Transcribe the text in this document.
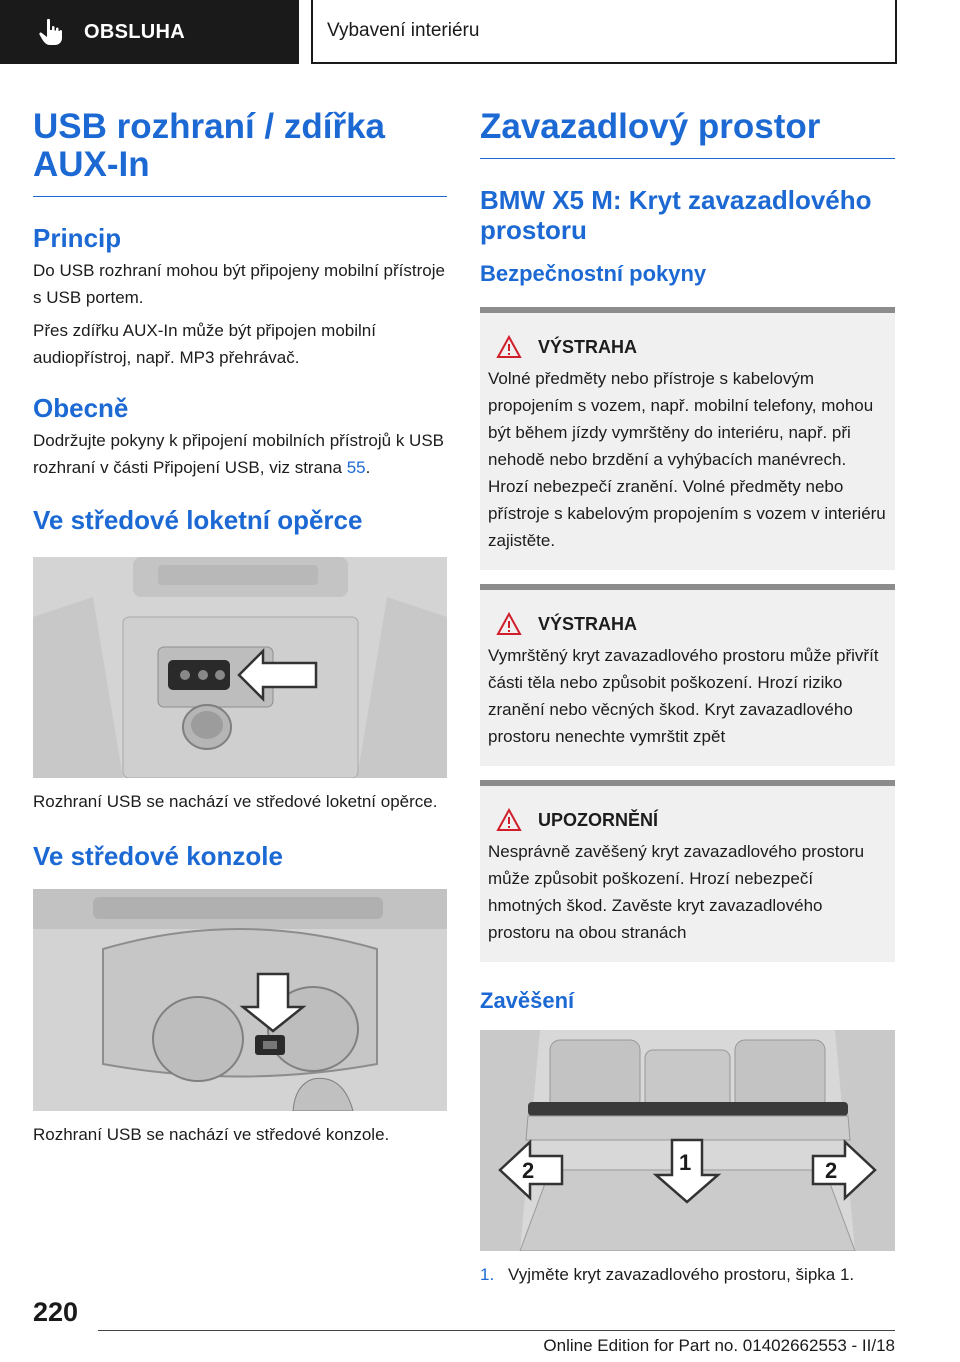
OBSLUHA	Vybavení interiéru
USB rozhraní / zdířka AUX-In
Princip

Do USB rozhraní mohou být připojeny mobilní přístroje s USB portem.

Přes zdířku AUX-In může být připojen mobilní audiopřístroj, např. MP3 přehrávač.

Obecně

Dodržujte pokyny k připojení mobilních přístrojů k USB rozhraní v části Připojení USB, viz strana 55.

Ve středové loketní opěrce

Rozhraní USB se nachází ve středové loketní opěrce.

Ve středové konzole

Rozhraní USB se nachází ve středové konzole.

Zavazadlový prostor
BMW X5 M: Kryt zavazadlového prostoru
Bezpečnostní pokyny
VÝSTRAHA

Volné předměty nebo přístroje s kabelovým propojením s vozem, např. mobilní telefony, mohou být během jízdy vymrštěny do interiéru, např. při nehodě nebo brzdění a vyhýbacích manévrech. Hrozí nebezpečí zranění. Volné předměty nebo přístroje s kabelovým propojením s vozem v interiéru zajistěte.

VÝSTRAHA

Vymrštěný kryt zavazadlového prostoru může přivřít části těla nebo způsobit poškození. Hrozí riziko zranění nebo věcných škod. Kryt zavazadlového prostoru nenechte vymrštit zpět

UPOZORNĚNÍ

Nesprávně zavěšený kryt zavazadlového prostoru může způsobit poškození. Hrozí nebezpečí hmotných škod. Zavěste kryt zavazadlového prostoru na obou stranách

Zavěšení
2	1	2
1. Vyjměte kryt zavazadlového prostoru, šipka 1.
220
Online Edition for Part no. 01402662553 - II/18
